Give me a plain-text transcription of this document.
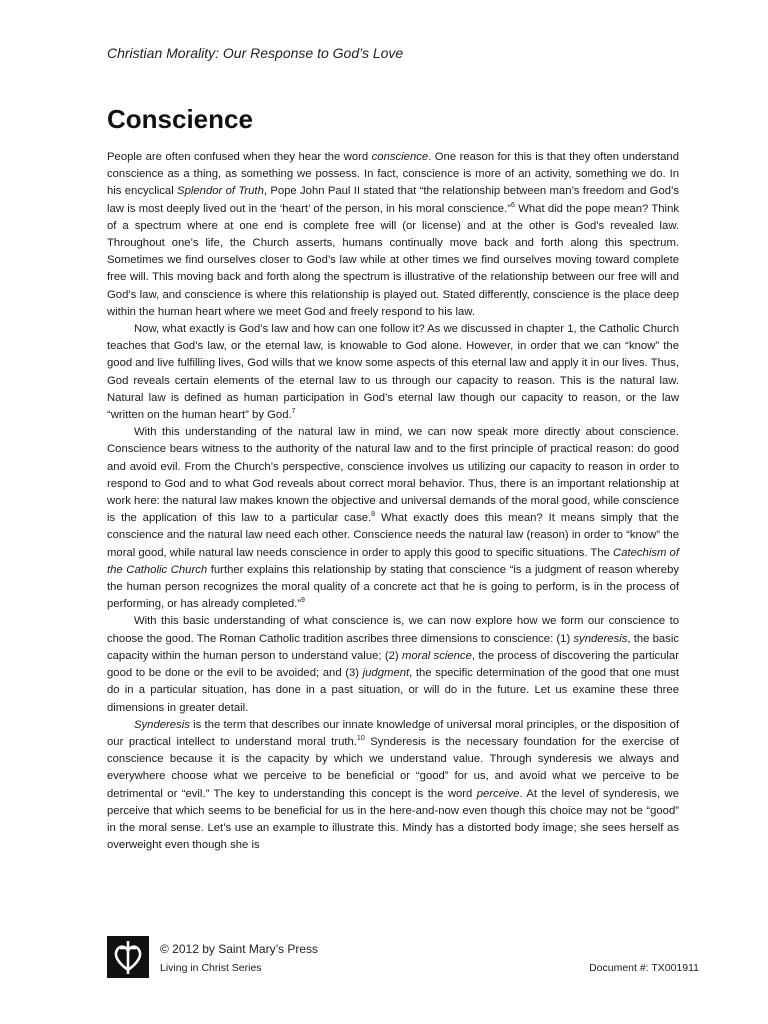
Christian Morality: Our Response to God’s Love
Conscience

People are often confused when they hear the word conscience. One reason for this is that they often understand conscience as a thing, as something we possess. In fact, conscience is more of an activity, something we do. In his encyclical Splendor of Truth, Pope John Paul II stated that “the relationship between man’s freedom and God’s law is most deeply lived out in the ‘heart’ of the person, in his moral conscience.”$^6$ What did the pope mean? Think of a spectrum where at one end is complete free will (or license) and at the other is God’s revealed law. Throughout one’s life, the Church asserts, humans continually move back and forth along this spectrum. Sometimes we find ourselves closer to God’s law while at other times we find ourselves moving toward complete free will. This moving back and forth along the spectrum is illustrative of the relationship between our free will and God’s law, and conscience is where this relationship is played out. Stated differently, conscience is the place deep within the human heart where we meet God and freely respond to his law.

Now, what exactly is God’s law and how can one follow it? As we discussed in chapter 1, the Catholic Church teaches that God’s law, or the eternal law, is knowable to God alone. However, in order that we can “know” the good and live fulfilling lives, God wills that we know some aspects of this eternal law and apply it in our lives. Thus, God reveals certain elements of the eternal law to us through our capacity to reason. This is the natural law. Natural law is defined as human participation in God’s eternal law though our capacity to reason, or the law “written on the human heart” by God.$^7$

With this understanding of the natural law in mind, we can now speak more directly about conscience. Conscience bears witness to the authority of the natural law and to the first principle of practical reason: do good and avoid evil. From the Church’s perspective, conscience involves us utilizing our capacity to reason in order to respond to God and to what God reveals about correct moral behavior. Thus, there is an important relationship at work here: the natural law makes known the objective and universal demands of the moral good, while conscience is the application of this law to a particular case.$^8$ What exactly does this mean? It means simply that the conscience and the natural law need each other. Conscience needs the natural law (reason) in order to “know” the moral good, while natural law needs conscience in order to apply this good to specific situations. The Catechism of the Catholic Church further explains this relationship by stating that conscience “is a judgment of reason whereby the human person recognizes the moral quality of a concrete act that he is going to perform, is in the process of performing, or has already completed.”$^9$

With this basic understanding of what conscience is, we can now explore how we form our conscience to choose the good. The Roman Catholic tradition ascribes three dimensions to conscience: (1) synderesis, the basic capacity within the human person to understand value; (2) moral science, the process of discovering the particular good to be done or the evil to be avoided; and (3) judgment, the specific determination of the good that one must do in a particular situation, has done in a past situation, or will do in the future. Let us examine these three dimensions in greater detail.

Synderesis is the term that describes our innate knowledge of universal moral principles, or the disposition of our practical intellect to understand moral truth.$^{10}$ Synderesis is the necessary foundation for the exercise of conscience because it is the capacity by which we understand value. Through synderesis we always and everywhere choose what we perceive to be beneficial or “good” for us, and avoid what we perceive to be detrimental or “evil.” The key to understanding this concept is the word perceive. At the level of synderesis, we perceive that which seems to be beneficial for us in the here-and-now even though this choice may not be “good” in the moral sense. Let’s use an example to illustrate this. Mindy has a distorted body image; she sees herself as overweight even though she is

© 2012 by Saint Mary’s Press
Living in Christ Series	Document #: TX001911
